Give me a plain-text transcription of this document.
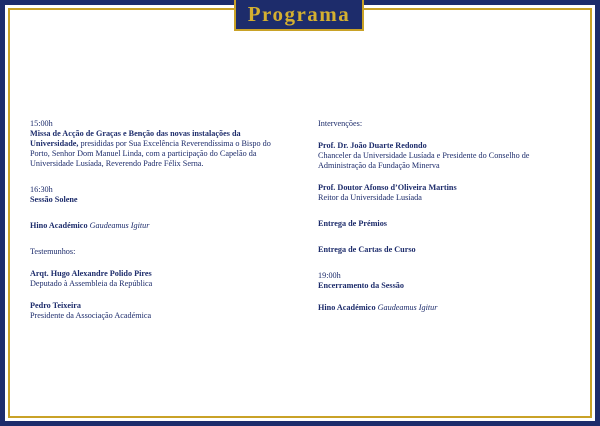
Programa

15:00h

Missa de Acção de Graças e Benção das novas instalações da Universidade, presididas por Sua Excelência Reverendíssima o Bispo do Porto, Senhor Dom Manuel Linda, com a participação do Capelão da Universidade Lusíada, Reverendo Padre Félix Serna.

16:30h

Sessão Solene

Hino Académico Gaudeamus Igitur

Testemunhos:

Arqt. Hugo Alexandre Polido Pires

Deputado à Assembleia da República

Pedro Teixeira

Presidente da Associação Académica

Intervenções:

Prof. Dr. João Duarte Redondo

Chanceler da Universidade Lusíada e Presidente do Conselho de Administração da Fundação Minerva

Prof. Doutor Afonso d’Oliveira Martins

Reitor da Universidade Lusíada

Entrega de Prémios

Entrega de Cartas de Curso

19:00h

Encerramento da Sessão

Hino Académico Gaudeamus Igitur
